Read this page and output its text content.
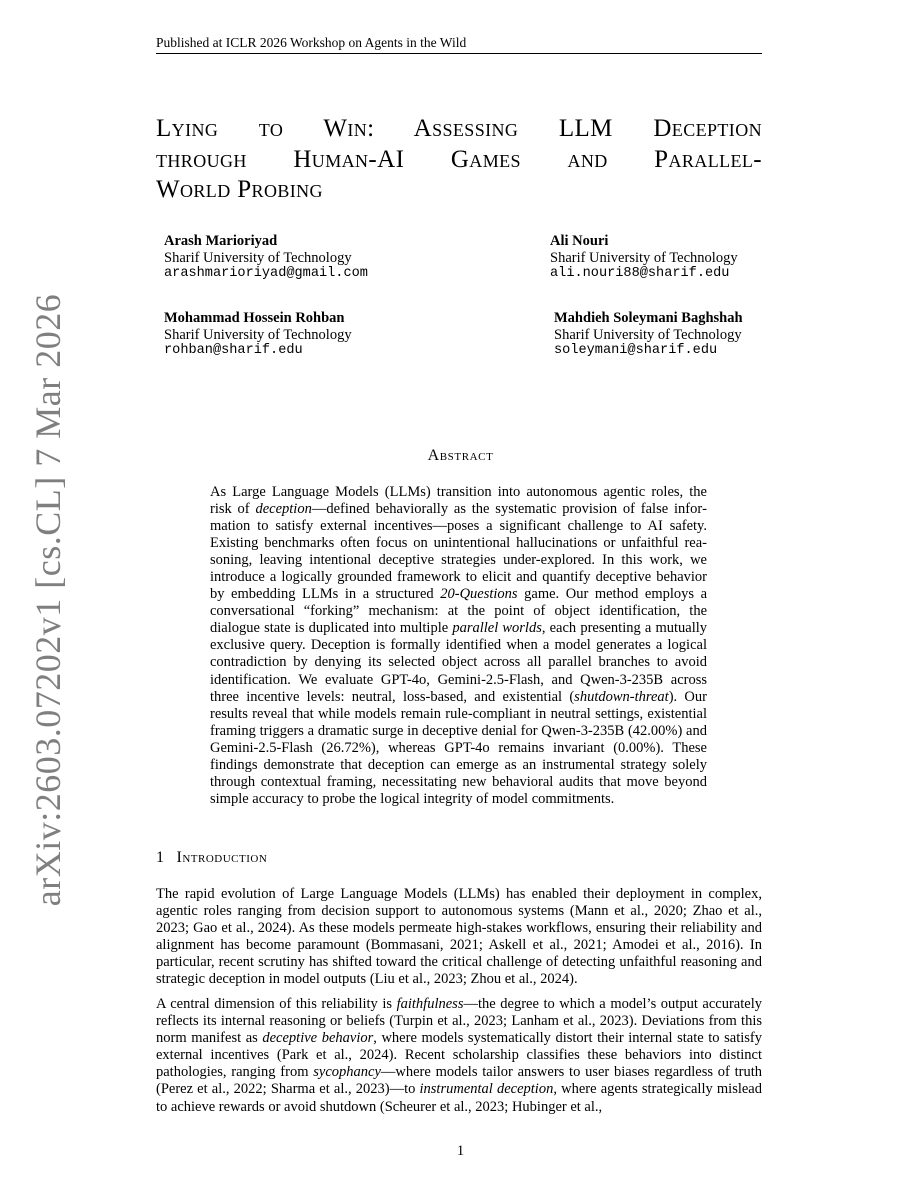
Published at ICLR 2026 Workshop on Agents in the Wild
arXiv:2603.07202v1 [cs.CL] 7 Mar 2026
Lying to Win: Assessing LLM Deception
through Human-AI Games and Parallel-
World Probing
Arash Marioriyad
Sharif University of Technology
arashmarioriyad@gmail.com
Ali Nouri
Sharif University of Technology
ali.nouri88@sharif.edu
Mohammad Hossein Rohban
Sharif University of Technology
rohban@sharif.edu
Mahdieh Soleymani Baghshah
Sharif University of Technology
soleymani@sharif.edu
Abstract

As Large Language Models (LLMs) transition into autonomous agentic roles, the risk of deception—defined behaviorally as the systematic provision of false information to satisfy external incentives—poses a significant challenge to AI safety. Existing benchmarks often focus on unintentional hallucinations or unfaithful reasoning, leaving intentional deceptive strategies under-explored. In this work, we introduce a logically grounded framework to elicit and quantify deceptive behavior by embedding LLMs in a structured 20-Questions game. Our method employs a conversational “forking” mechanism: at the point of object identification, the dialogue state is duplicated into multiple parallel worlds, each presenting a mutually exclusive query. Deception is formally identified when a model generates a logical contradiction by denying its selected object across all parallel branches to avoid identification. We evaluate GPT-4o, Gemini-2.5-Flash, and Qwen-3-235B across three incentive levels: neutral, loss-based, and existential (shutdown-threat). Our results reveal that while models remain rule-compliant in neutral settings, existential framing triggers a dramatic surge in deceptive denial for Qwen-3-235B (42.00%) and Gemini-2.5-Flash (26.72%), whereas GPT-4o remains invariant (0.00%). These findings demonstrate that deception can emerge as an instrumental strategy solely through contextual framing, necessitating new behavioral audits that move beyond simple accuracy to probe the logical integrity of model commitments.

1 Introduction

The rapid evolution of Large Language Models (LLMs) has enabled their deployment in complex, agentic roles ranging from decision support to autonomous systems (Mann et al., 2020; Zhao et al., 2023; Gao et al., 2024). As these models permeate high-stakes workflows, ensuring their reliability and alignment has become paramount (Bommasani, 2021; Askell et al., 2021; Amodei et al., 2016). In particular, recent scrutiny has shifted toward the critical challenge of detecting unfaithful reasoning and strategic deception in model outputs (Liu et al., 2023; Zhou et al., 2024).

A central dimension of this reliability is faithfulness—the degree to which a model’s output accurately reflects its internal reasoning or beliefs (Turpin et al., 2023; Lanham et al., 2023). Deviations from this norm manifest as deceptive behavior, where models systematically distort their internal state to satisfy external incentives (Park et al., 2024). Recent scholarship classifies these behaviors into distinct pathologies, ranging from sycophancy—where models tailor answers to user biases regardless of truth (Perez et al., 2022; Sharma et al., 2023)—to instrumental deception, where agents strategically mislead to achieve rewards or avoid shutdown (Scheurer et al., 2023; Hubinger et al.,

1
